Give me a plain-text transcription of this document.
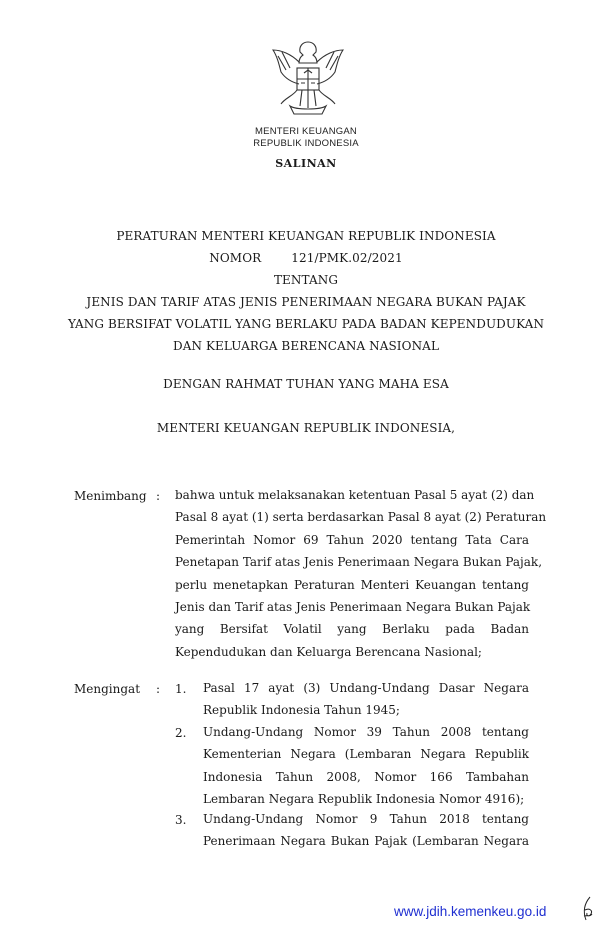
MENTERI KEUANGAN
REPUBLIK INDONESIA
SALINAN
PERATURAN MENTERI KEUANGAN REPUBLIK INDONESIA
NOMOR	121/PMK.02/2021
TENTANG
JENIS DAN TARIF ATAS JENIS PENERIMAAN NEGARA BUKAN PAJAK
YANG BERSIFAT VOLATIL YANG BERLAKU PADA BADAN KEPENDUDUKAN
DAN KELUARGA BERENCANA NASIONAL
DENGAN RAHMAT TUHAN YANG MAHA ESA
MENTERI KEUANGAN REPUBLIK INDONESIA,
Menimbang : bahwa untuk melaksanakan ketentuan Pasal 5 ayat (2) dan
Pasal 8 ayat (1) serta berdasarkan Pasal 8 ayat (2) Peraturan
Pemerintah Nomor 69 Tahun 2020 tentang Tata Cara
Penetapan Tarif atas Jenis Penerimaan Negara Bukan Pajak,
perlu menetapkan Peraturan Menteri Keuangan tentang
Jenis dan Tarif atas Jenis Penerimaan Negara Bukan Pajak
yang Bersifat Volatil yang Berlaku pada Badan
Kependudukan dan Keluarga Berencana Nasional;
Mengingat : 1. Pasal 17 ayat (3) Undang-Undang Dasar Negara
Republik Indonesia Tahun 1945;
2. Undang-Undang Nomor 39 Tahun 2008 tentang
Kementerian Negara (Lembaran Negara Republik
Indonesia Tahun 2008, Nomor 166 Tambahan
Lembaran Negara Republik Indonesia Nomor 4916);
3. Undang-Undang Nomor 9 Tahun 2018 tentang
Penerimaan Negara Bukan Pajak (Lembaran Negara
www.jdih.kemenkeu.go.id
